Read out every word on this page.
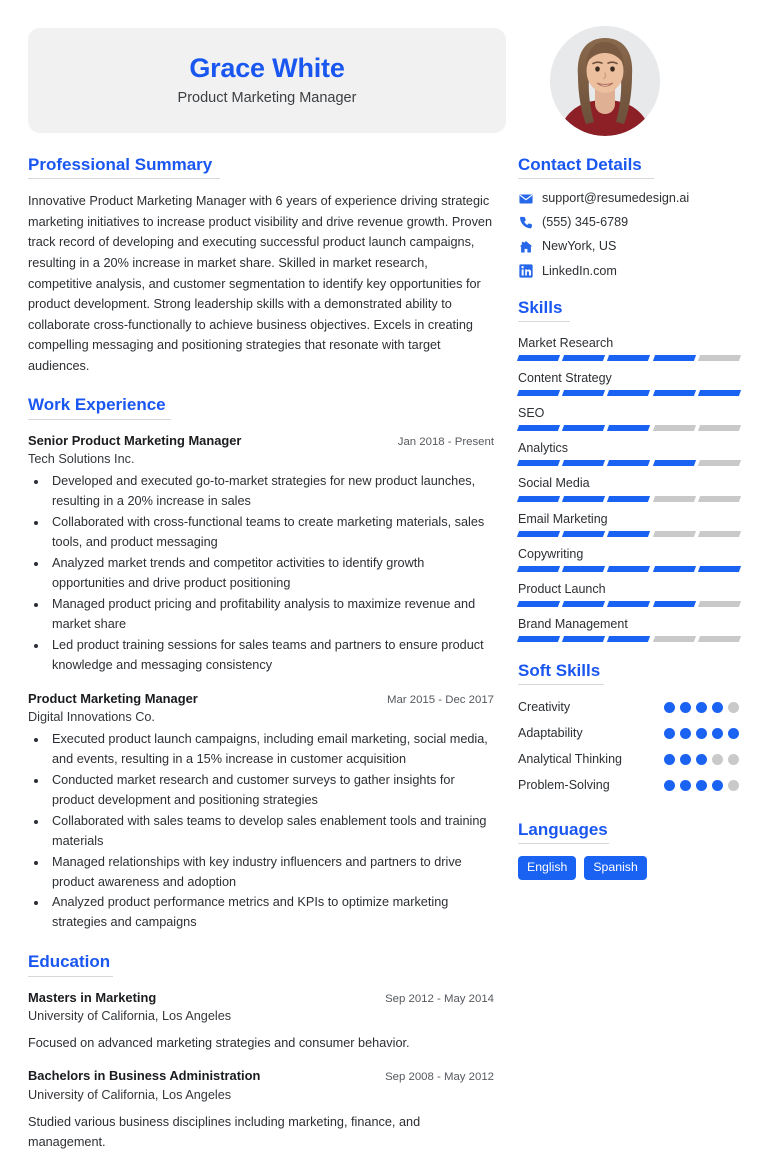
Grace White
Product Marketing Manager
Professional Summary
Innovative Product Marketing Manager with 6 years of experience driving strategic marketing initiatives to increase product visibility and drive revenue growth. Proven track record of developing and executing successful product launch campaigns, resulting in a 20% increase in market share. Skilled in market research, competitive analysis, and customer segmentation to identify key opportunities for product development. Strong leadership skills with a demonstrated ability to collaborate cross-functionally to achieve business objectives. Excels in creating compelling messaging and positioning strategies that resonate with target audiences.
Work Experience
Senior Product Marketing Manager	Jan 2018 - Present
Tech Solutions Inc.
• Developed and executed go-to-market strategies for new product launches, resulting in a 20% increase in sales
• Collaborated with cross-functional teams to create marketing materials, sales tools, and product messaging
• Analyzed market trends and competitor activities to identify growth opportunities and drive product positioning
• Managed product pricing and profitability analysis to maximize revenue and market share
• Led product training sessions for sales teams and partners to ensure product knowledge and messaging consistency
Product Marketing Manager	Mar 2015 - Dec 2017
Digital Innovations Co.
• Executed product launch campaigns, including email marketing, social media, and events, resulting in a 15% increase in customer acquisition
• Conducted market research and customer surveys to gather insights for product development and positioning strategies
• Collaborated with sales teams to develop sales enablement tools and training materials
• Managed relationships with key industry influencers and partners to drive product awareness and adoption
• Analyzed product performance metrics and KPIs to optimize marketing strategies and campaigns
Education
Masters in Marketing	Sep 2012 - May 2014
University of California, Los Angeles
Focused on advanced marketing strategies and consumer behavior.
Bachelors in Business Administration	Sep 2008 - May 2012
University of California, Los Angeles
Studied various business disciplines including marketing, finance, and management.
Contact Details
support@resumedesign.ai
(555) 345-6789
NewYork, US
LinkedIn.com
Skills
Market Research
Content Strategy
SEO
Analytics
Social Media
Email Marketing
Copywriting
Product Launch
Brand Management
Soft Skills
Creativity
Adaptability
Analytical Thinking
Problem-Solving
Languages
English	Spanish
